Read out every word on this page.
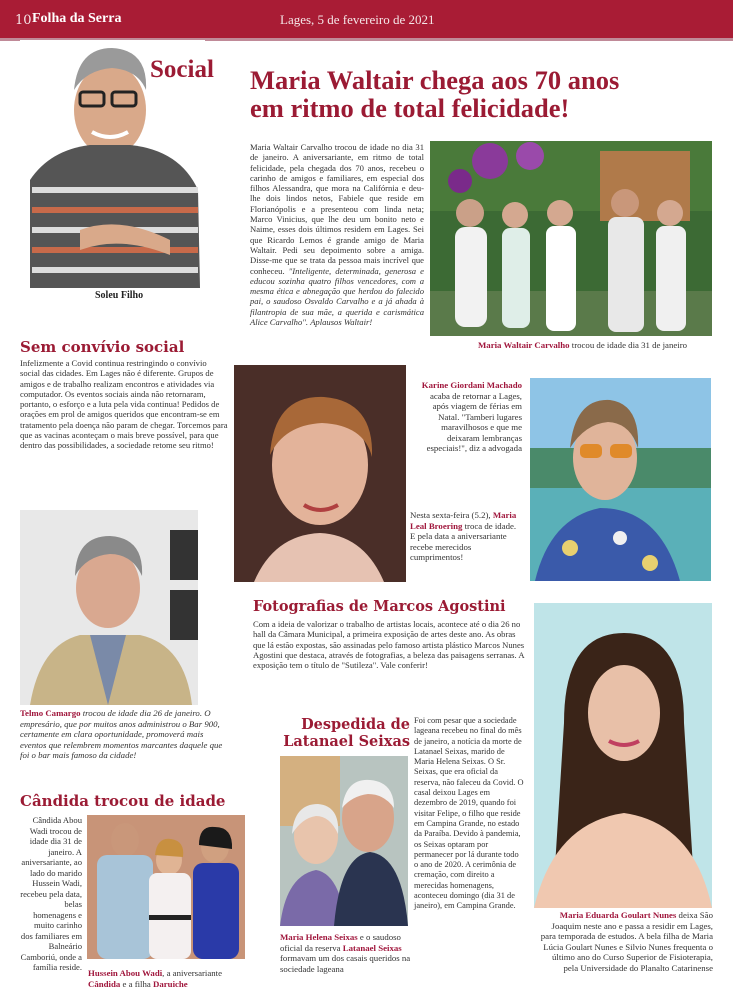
10 Folha da Serra	Lages, 5 de fevereiro de 2021
Soleu Filho
Social Maria Waltair chega aos 70 anos
em ritmo de total felicidade!
Maria Waltair Carvalho trocou de idade no dia 31 de janeiro. A aniversariante, em ritmo de total felicidade, pela chegada dos 70 anos, recebeu o carinho de amigos e familiares, em especial dos filhos Alessandra, que mora na Califórnia e deu-lhe dois lindos netos, Fabiele que reside em Florianópolis e a presenteou com linda neta; Marco Vinicius, que lhe deu um bonito neto e Naime, esses dois últimos residem em Lages. Sei que Ricardo Lemos é grande amigo de Maria Waltair. Pedi seu depoimento sobre a amiga. Disse-me que se trata da pessoa mais incrível que conheceu. "Inteligente, determinada, generosa e educou sozinha quatro filhos vencedores, com a mesma ética e abnegação que herdou do falecido pai, o saudoso Osvaldo Carvalho e a já ahada à filantropia de sua mãe, a querida e carismática Alice Carvalho". Aplausos Waltair!
Maria Waltair Carvalho trocou de idade dia 31 de janeiro
Sem convívio social
Infelizmente a Covid continua restringindo o convívio social das cidades. Em Lages não é diferente. Grupos de amigos e de trabalho realizam encontros e atividades via computador. Os eventos sociais ainda não retornaram, portanto, o esforço e a luta pela vida continua! Pedidos de orações em prol de amigos queridos que encontram-se em tratamento pela doença não param de chegar. Torcemos para que as vacinas aconteçam o mais breve possível, para que dentro das possibilidades, a sociedade retome seu ritmo!
Nesta sexta-feira (5.2), Maria Leal Broering troca de idade. E pela data a aniversariante recebe merecidos cumprimentos!
Karine Giordani Machado acaba de retornar a Lages, após viagem de férias em Natal. "Tamberi lugares maravilhosos e que me deixaram lembranças especiais!", diz a advogada
Telmo Camargo trocou de idade dia 26 de janeiro. O empresário, que por muitos anos administrou o Bar 900, certamente em clara oportunidade, promoverá mais eventos que relembrem momentos marcantes daquele que foi o bar mais famoso da cidade!
Fotografias de Marcos Agostini
Com a ideia de valorizar o trabalho de artistas locais, acontece até o dia 26 no hall da Câmara Municipal, a primeira exposição de artes deste ano. As obras que lá estão expostas, são assinadas pelo famoso artista plástico Marcos Nunes Agostini que destaca, através de fotografias, a beleza das paisagens serranas. A exposição tem o título de "Sutileza". Vale conferir!
Maria Eduarda Goulart Nunes deixa São Joaquim neste ano e passa a residir em Lages, para temporada de estudos. A bela filha de Maria Lúcia Goulart Nunes e Silvio Nunes frequenta o último ano do Curso Superior de Fisioterapia, pela Universidade do Planalto Catarinense
Cândida trocou de idade
Cândida Abou Wadi trocou de idade dia 31 de janeiro. A aniversariante, ao lado do marido Hussein Wadi, recebeu pela data, belas homenagens e muito carinho dos familiares em Balneário Camboriú, onde a família reside.
Hussein Abou Wadi, a aniversariante Cândida e a filha Daruiche
Despedida de
Latanael Seixas
Foi com pesar que a sociedade lageana recebeu no final do mês de janeiro, a notícia da morte de Latanael Seixas, marido de Maria Helena Seixas. O Sr. Seixas, que era oficial da reserva, não faleceu da Covid. O casal deixou Lages em dezembro de 2019, quando foi visitar Felipe, o filho que reside em Campina Grande, no estado da Paraíba. Devido à pandemia, os Seixas optaram por permanecer por lá durante todo o ano de 2020. A cerimônia de cremação, com direito a merecidas homenagens, aconteceu domingo (dia 31 de janeiro), em Campina Grande.
Maria Helena Seixas e o saudoso oficial da reserva Latanael Seixas formavam um dos casais queridos na sociedade lageana
